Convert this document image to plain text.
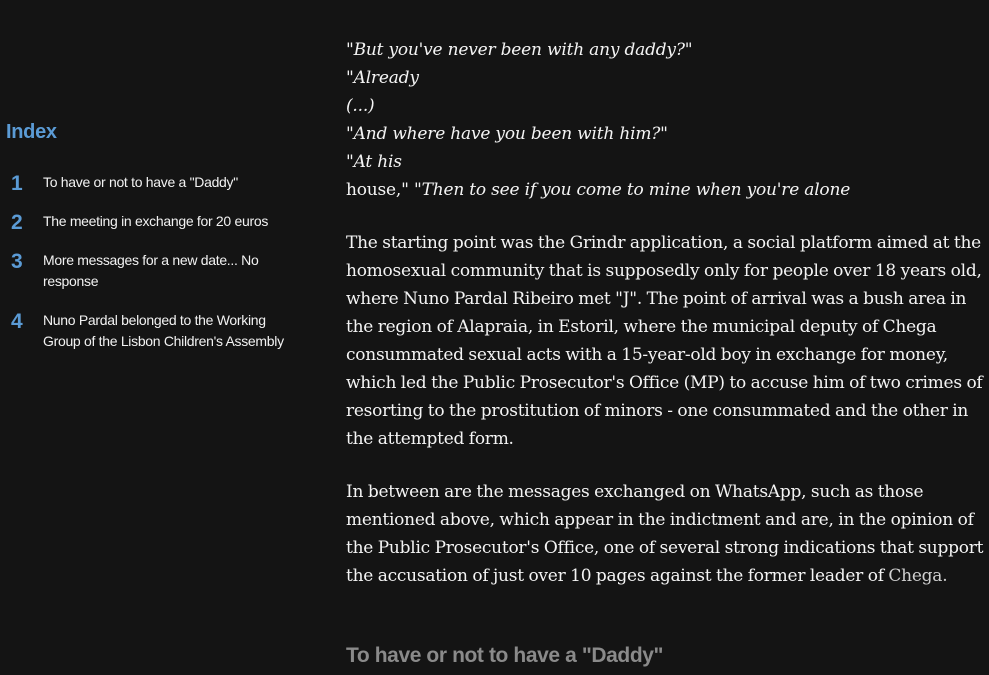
Index
1 To have or not to have a "Daddy"
2 The meeting in exchange for 20 euros
3 More messages for a new date... No response
4 Nuno Pardal belonged to the Working Group of the Lisbon Children's Assembly
"But you've never been with any daddy?"
"Already
(...)
"And where have you been with him?"
"At his
house," "Then to see if you come to mine when you're alone

The starting point was the Grindr application, a social platform aimed at the homosexual community that is supposedly only for people over 18 years old, where Nuno Pardal Ribeiro met "J". The point of arrival was a bush area in the region of Alapraia, in Estoril, where the municipal deputy of Chega consummated sexual acts with a 15-year-old boy in exchange for money, which led the Public Prosecutor's Office (MP) to accuse him of two crimes of resorting to the prostitution of minors - one consummated and the other in the attempted form.

In between are the messages exchanged on WhatsApp, such as those mentioned above, which appear in the indictment and are, in the opinion of the Public Prosecutor's Office, one of several strong indications that support the accusation of just over 10 pages against the former leader of Chega.

To have or not to have a "Daddy"
